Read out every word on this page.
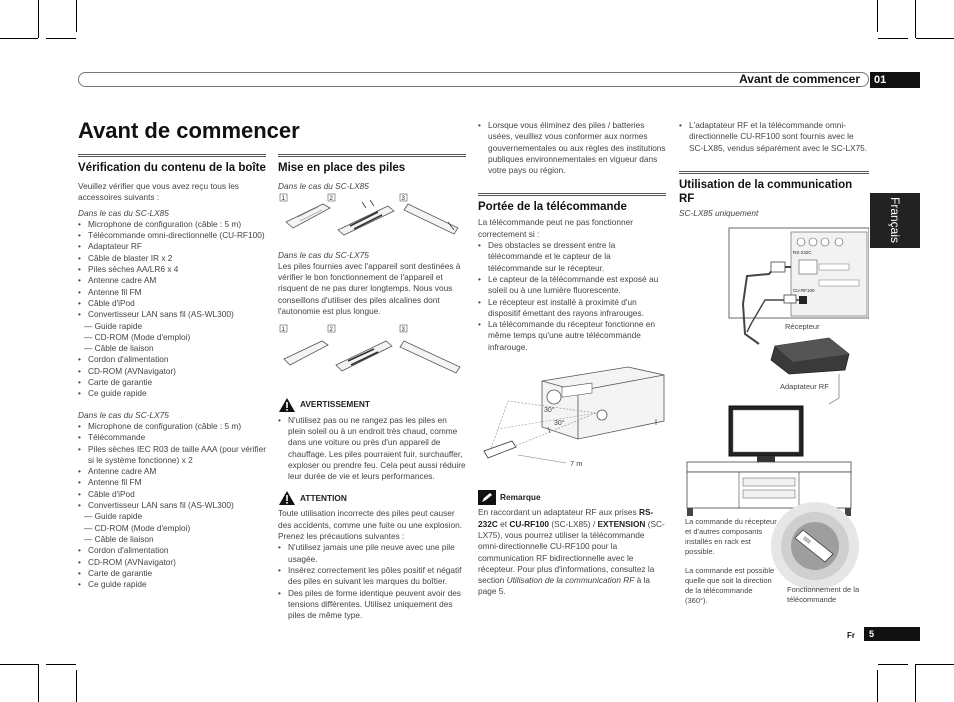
Avant de commencer	01
Français
Avant de commencer
Vérification du contenu de la boîte

Veuillez vérifier que vous avez reçu tous les accessoires suivants :

Dans le cas du SC-LX85

• Microphone de configuration (câble : 5 m)
• Télécommande omni-directionnelle (CU-RF100)
• Adaptateur RF
• Câble de blaster IR x 2
• Piles sèches AA/LR6 x 4
• Antenne cadre AM
• Antenne fil FM
• Câble d'iPod
• Convertisseur LAN sans fil (AS-WL300)
— Guide rapide
— CD-ROM (Mode d'emploi)
— Câble de liaison
• Cordon d'alimentation
• CD-ROM (AVNavigator)
• Carte de garantie
• Ce guide rapide

Dans le cas du SC-LX75

• Microphone de configuration (câble : 5 m)
• Télécommande
• Piles sèches IEC R03 de taille AAA (pour vérifier si le système fonctionne) x 2
• Antenne cadre AM
• Antenne fil FM
• Câble d'iPod
• Convertisseur LAN sans fil (AS-WL300)
— Guide rapide
— CD-ROM (Mode d'emploi)
— Câble de liaison
• Cordon d'alimentation
• CD-ROM (AVNavigator)
• Carte de garantie
• Ce guide rapide
Mise en place des piles

Dans le cas du SC-LX85

1	2	3

Dans le cas du SC-LX75

Les piles fournies avec l'appareil sont destinées à vérifier le bon fonctionnement de l'appareil et risquent de ne pas durer longtemps. Nous vous conseillons d'utiliser des piles alcalines dont l'autonomie est plus longue.

1	2	3
AVERTISSEMENT
• N'utilisez pas ou ne rangez pas les piles en plein soleil ou à un endroit très chaud, comme dans une voiture ou près d'un appareil de chauffage. Les piles pourraient fuir, surchauffer, exploser ou prendre feu. Cela peut aussi réduire leur durée de vie et leurs performances.
ATTENTION

Toute utilisation incorrecte des piles peut causer des accidents, comme une fuite ou une explosion. Prenez les précautions suivantes :

• N'utilisez jamais une pile neuve avec une pile usagée.
• Insérez correctement les pôles positif et négatif des piles en suivant les marques du boîtier.
• Des piles de forme identique peuvent avoir des tensions différentes. Utilisez uniquement des piles de même type.
• Lorsque vous éliminez des piles / batteries usées, veuillez vous conformer aux normes gouvernementales ou aux règles des institutions publiques environnementales en vigueur dans votre pays ou région.
Portée de la télécommande

La télécommande peut ne pas fonctionner correctement si :

• Des obstacles se dressent entre la télécommande et le capteur de la télécommande sur le récepteur.
• Le capteur de la télécommande est exposé au soleil ou à une lumière fluorescente.
• Le récepteur est installé à proximité d'un dispositif émettant des rayons infrarouges.
• La télécommande du récepteur fonctionne en même temps qu'une autre télécommande infrarouge.
30°
30°
7 m
Remarque

En raccordant un adaptateur RF aux prises RS-232C et CU-RF100 (SC-LX85) / EXTENSION (SC-LX75), vous pourrez utiliser la télécommande omni-directionnelle CU-RF100 pour la communication RF bidirectionnelle avec le récepteur. Pour plus d'informations, consultez la section Utilisation de la communication RF à la page 5.

• L'adaptateur RF et la télécommande omni-directionnelle CU-RF100 sont fournis avec le SC-LX85, vendus séparément avec le SC-LX75.
Utilisation de la communication RF

SC-LX85 uniquement

RS-232C
CU-RF100
Récepteur
Adaptateur RF
La commande du récepteur et d'autres composants installés en rack est possible.
La commande est possible quelle que soit la direction de la télécommande (360°).
Fonctionnement de la télécommande
Fr	5
